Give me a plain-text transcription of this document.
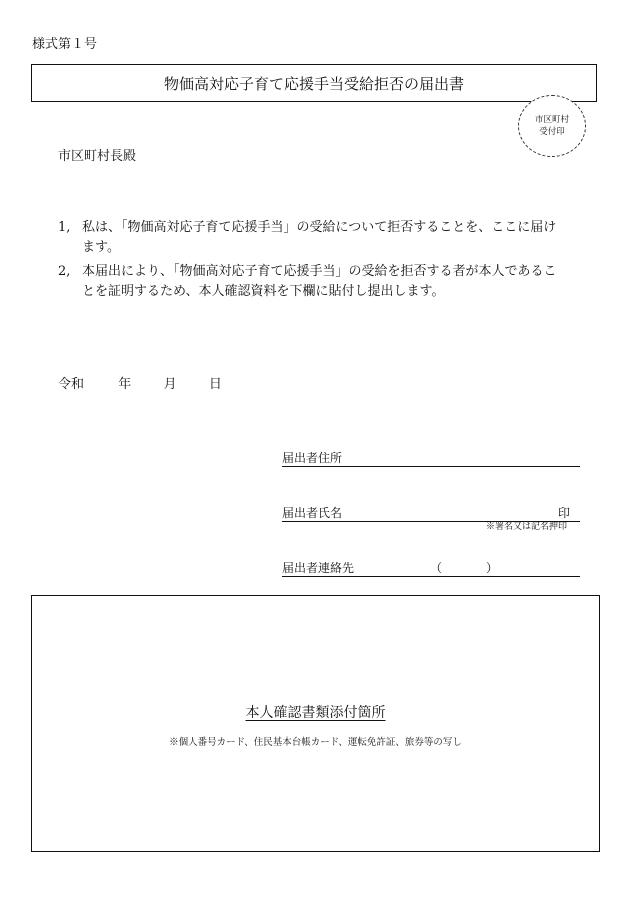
様式第１号
物価高対応子育て応援手当受給拒否の届出書
市区町村
受付印
市区町村長殿
1, 私は、「物価高対応子育て応援手当」の受給について拒否することを、ここに届けます。
2, 本届出により、「物価高対応子育て応援手当」の受給を拒否する者が本人であることを証明するため、本人確認資料を下欄に貼付し提出します。
令和	年 月 日
届出者住所
届出者氏名	印
※署名又は記名押印
届出者連絡先	（	）
本人確認書類添付箇所
※個人番号カード、住民基本台帳カード、運転免許証、旅券等の写し
